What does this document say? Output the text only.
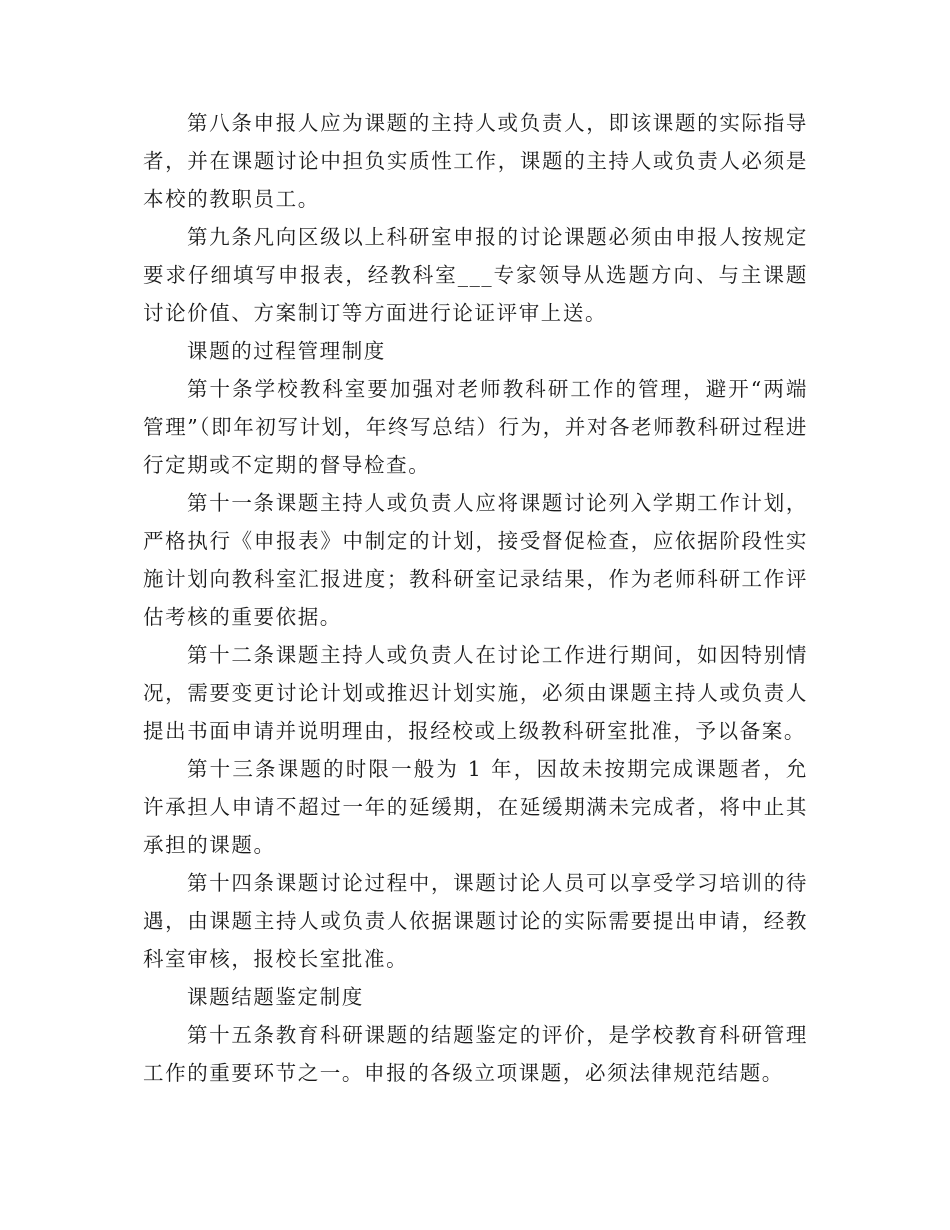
第八条申报人应为课题的主持人或负责人，即该课题的实际指导者，并在课题讨论中担负实质性工作，课题的主持人或负责人必须是本校的教职员工。

第九条凡向区级以上科研室申报的讨论课题必须由申报人按规定要求仔细填写申报表，经教科室___专家领导从选题方向、与主课题讨论价值、方案制订等方面进行论证评审上送。

课题的过程管理制度

第十条学校教科室要加强对老师教科研工作的管理，避开“两端管理”（即年初写计划，年终写总结）行为，并对各老师教科研过程进行定期或不定期的督导检查。

第十一条课题主持人或负责人应将课题讨论列入学期工作计划，严格执行《申报表》中制定的计划，接受督促检查，应依据阶段性实施计划向教科室汇报进度；教科研室记录结果，作为老师科研工作评估考核的重要依据。

第十二条课题主持人或负责人在讨论工作进行期间，如因特别情况，需要变更讨论计划或推迟计划实施，必须由课题主持人或负责人提出书面申请并说明理由，报经校或上级教科研室批准，予以备案。

第十三条课题的时限一般为 1 年，因故未按期完成课题者，允许承担人申请不超过一年的延缓期，在延缓期满未完成者，将中止其承担的课题。

第十四条课题讨论过程中，课题讨论人员可以享受学习培训的待遇，由课题主持人或负责人依据课题讨论的实际需要提出申请，经教科室审核，报校长室批准。

课题结题鉴定制度

第十五条教育科研课题的结题鉴定的评价，是学校教育科研管理工作的重要环节之一。申报的各级立项课题，必须法律规范结题。
